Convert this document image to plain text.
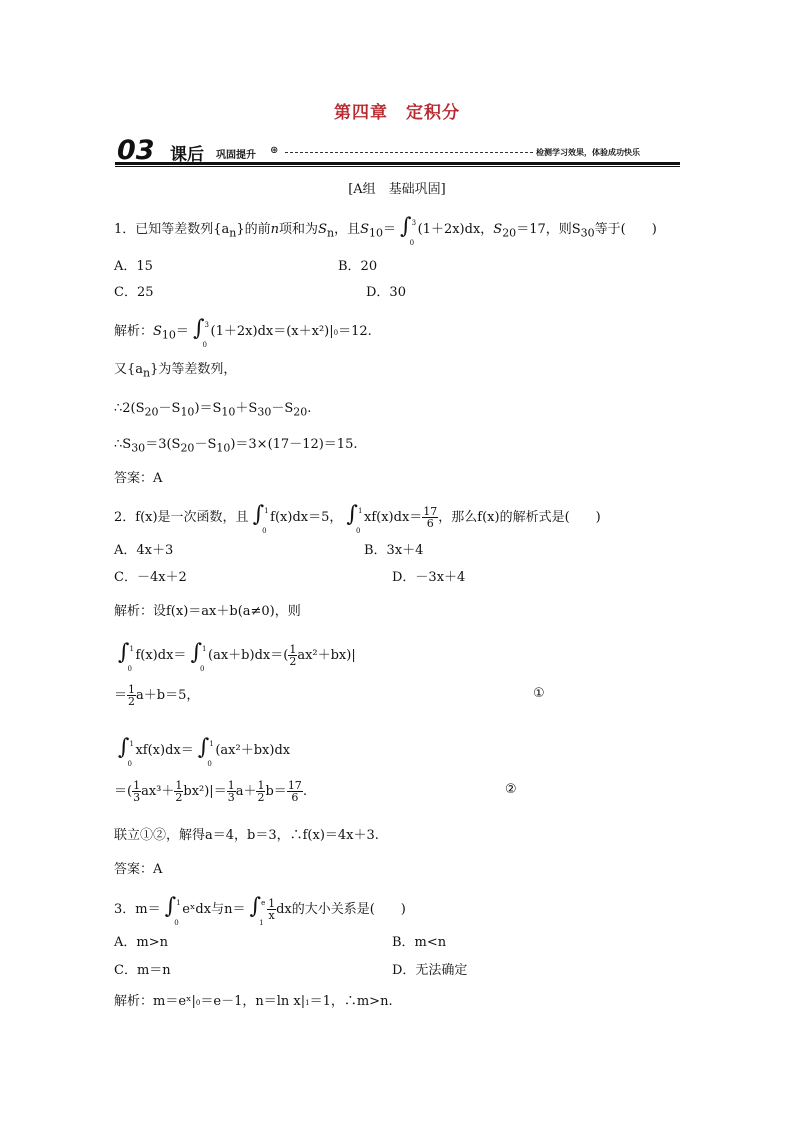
第四章　定积分
03 课后 巩固提升 ⊛	检测学习效果，体验成功快乐
[A组　基础巩固]
1．已知等差数列$\{a_n\}$的前n项和为$S_n$，且$S_{10}=$ ∫ 3
0
(1＋2x)dx，$S_{20}=17$，则$S_{30}$等于(　　)
A．15	B．20
C．25	D．30
解析：$S_{10}=$ ∫ 3
0
(1＋2x)dx＝(x＋x²)|0＝12.
又$\{a_n\}$为等差数列，
$\therefore 2(S_{20}-S_{10})=S_{10}+S_{30}-S_{20}$.
$\therefore S_{30}=3(S_{20}-S_{10})=3\times(17-12)=15$.
答案：A
2．f(x)是一次函数，且 ∫ 1
0
f(x)dx＝5， ∫ 1
0
$xf(x)dx= \frac{17}{6}$ ，那么f(x)的解析式是(　　)
A．4x＋3	B．3x＋4
C．－4x＋2	D．－3x＋4
解析：设f(x)＝ax＋b(a≠0)，则
∫ 1
0
f(x)dx＝ ∫ 1
0
$(ax+b)dx=( \frac{1}{2} ax^2+bx)|$
＝ $\frac{1}{2} a+b=5$，	①
∫ 1
0
xf(x)dx＝ ∫ 1
0
(ax²＋bx)dx
＝( $\frac{1}{3} ax^3+ \frac{1}{2} bx^2)|= \frac{1}{3} a+ \frac{1}{2} b= \frac{17}{6}$ .	②
联立①②，解得a＝4，b＝3，∴f(x)＝4x＋3.
答案：A
3．m＝ ∫ 1
0
eˣdx与n＝ ∫ e
1
$\frac{1}{x}$ dx的大小关系是(　　)
A．m>n	B．m<n
C．m＝n	D．无法确定
解析：m＝eˣ|0＝e－1，n＝ln x|1＝1，∴m>n.
